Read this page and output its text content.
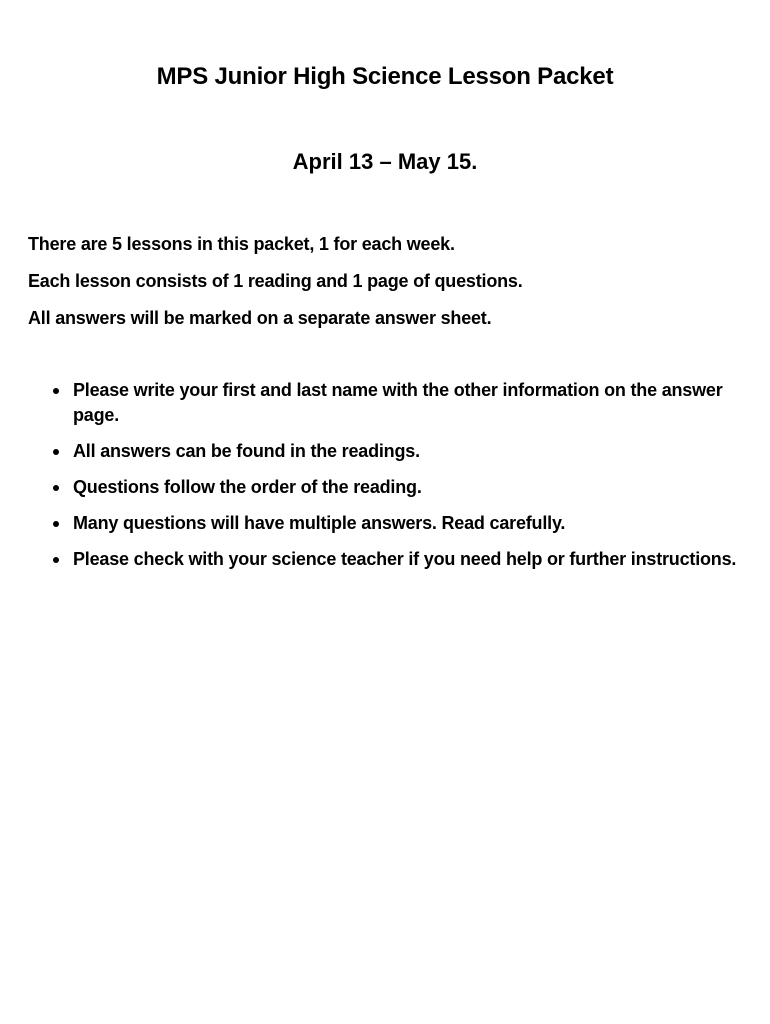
MPS Junior High Science Lesson Packet
April 13 – May 15.

There are 5 lessons in this packet, 1 for each week.

Each lesson consists of 1 reading and 1 page of questions.

All answers will be marked on a separate answer sheet.

Please write your first and last name with the other information on the answer page.
All answers can be found in the readings.
Questions follow the order of the reading.
Many questions will have multiple answers. Read carefully.
Please check with your science teacher if you need help or further instructions.
